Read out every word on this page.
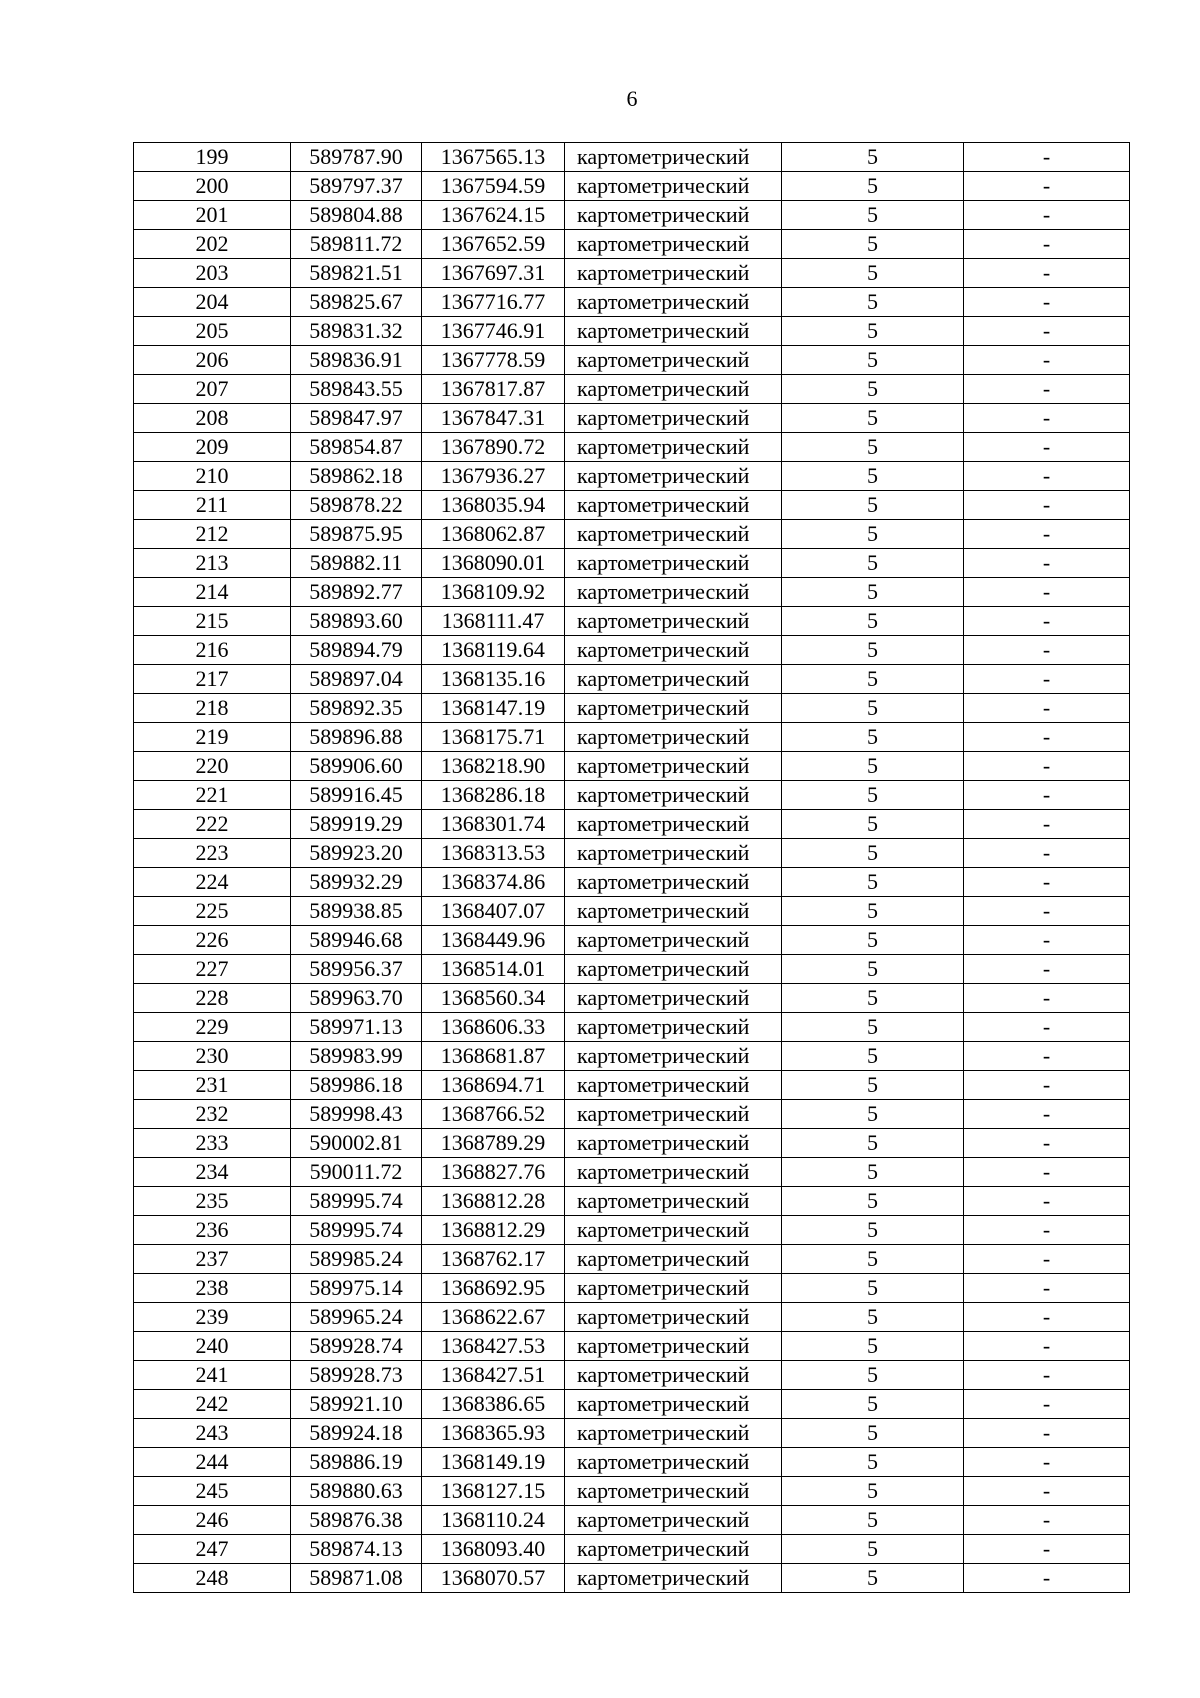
6
199	589787.90	1367565.13	картометрический	5	-
200	589797.37	1367594.59	картометрический	5	-
201	589804.88	1367624.15	картометрический	5	-
202	589811.72	1367652.59	картометрический	5	-
203	589821.51	1367697.31	картометрический	5	-
204	589825.67	1367716.77	картометрический	5	-
205	589831.32	1367746.91	картометрический	5	-
206	589836.91	1367778.59	картометрический	5	-
207	589843.55	1367817.87	картометрический	5	-
208	589847.97	1367847.31	картометрический	5	-
209	589854.87	1367890.72	картометрический	5	-
210	589862.18	1367936.27	картометрический	5	-
211	589878.22	1368035.94	картометрический	5	-
212	589875.95	1368062.87	картометрический	5	-
213	589882.11	1368090.01	картометрический	5	-
214	589892.77	1368109.92	картометрический	5	-
215	589893.60	1368111.47	картометрический	5	-
216	589894.79	1368119.64	картометрический	5	-
217	589897.04	1368135.16	картометрический	5	-
218	589892.35	1368147.19	картометрический	5	-
219	589896.88	1368175.71	картометрический	5	-
220	589906.60	1368218.90	картометрический	5	-
221	589916.45	1368286.18	картометрический	5	-
222	589919.29	1368301.74	картометрический	5	-
223	589923.20	1368313.53	картометрический	5	-
224	589932.29	1368374.86	картометрический	5	-
225	589938.85	1368407.07	картометрический	5	-
226	589946.68	1368449.96	картометрический	5	-
227	589956.37	1368514.01	картометрический	5	-
228	589963.70	1368560.34	картометрический	5	-
229	589971.13	1368606.33	картометрический	5	-
230	589983.99	1368681.87	картометрический	5	-
231	589986.18	1368694.71	картометрический	5	-
232	589998.43	1368766.52	картометрический	5	-
233	590002.81	1368789.29	картометрический	5	-
234	590011.72	1368827.76	картометрический	5	-
235	589995.74	1368812.28	картометрический	5	-
236	589995.74	1368812.29	картометрический	5	-
237	589985.24	1368762.17	картометрический	5	-
238	589975.14	1368692.95	картометрический	5	-
239	589965.24	1368622.67	картометрический	5	-
240	589928.74	1368427.53	картометрический	5	-
241	589928.73	1368427.51	картометрический	5	-
242	589921.10	1368386.65	картометрический	5	-
243	589924.18	1368365.93	картометрический	5	-
244	589886.19	1368149.19	картометрический	5	-
245	589880.63	1368127.15	картометрический	5	-
246	589876.38	1368110.24	картометрический	5	-
247	589874.13	1368093.40	картометрический	5	-
248	589871.08	1368070.57	картометрический	5	-
